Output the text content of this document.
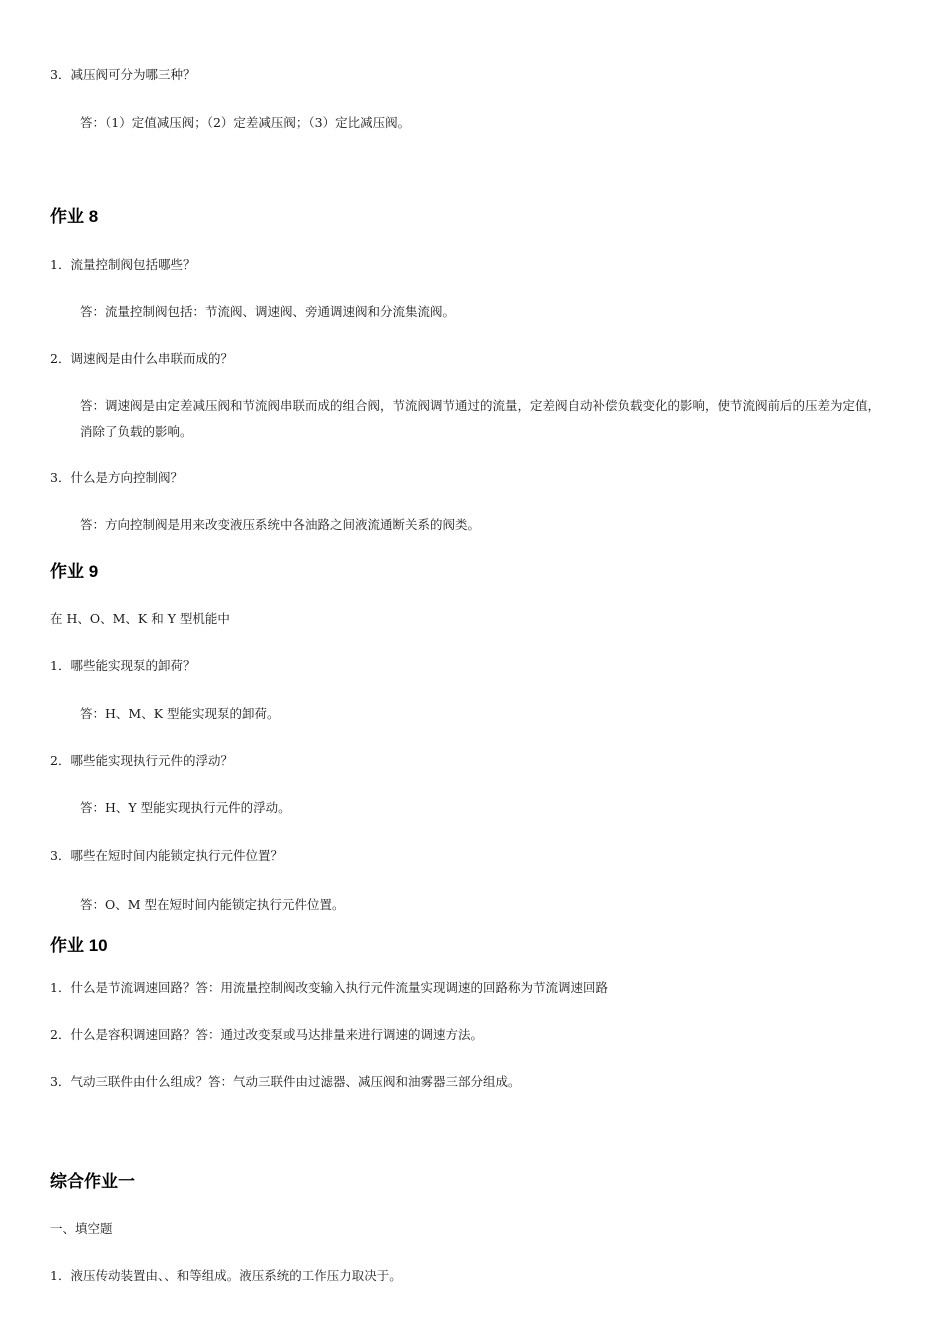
3．减压阀可分为哪三种？
答：（1）定值减压阀；（2）定差减压阀；（3）定比减压阀。
作业 8
1．流量控制阀包括哪些？
答：流量控制阀包括：节流阀、调速阀、旁通调速阀和分流集流阀。
2．调速阀是由什么串联而成的？
答：调速阀是由定差减压阀和节流阀串联而成的组合阀，节流阀调节通过的流量，定差阀自动补偿负载变化的影响，使节流阀前后的压差为定值，消除了负载的影响。
3．什么是方向控制阀？
答：方向控制阀是用来改变液压系统中各油路之间液流通断关系的阀类。
作业 9
在 H、O、M、K 和 Y 型机能中
1．哪些能实现泵的卸荷？
答：H、M、K 型能实现泵的卸荷。
2．哪些能实现执行元件的浮动？
答：H、Y 型能实现执行元件的浮动。
3．哪些在短时间内能锁定执行元件位置？
答：O、M 型在短时间内能锁定执行元件位置。
作业 10
1．什么是节流调速回路？答：用流量控制阀改变输入执行元件流量实现调速的回路称为节流调速回路
2．什么是容积调速回路？答：通过改变泵或马达排量来进行调速的调速方法。
3．气动三联件由什么组成？答：气动三联件由过滤器、减压阀和油雾器三部分组成。
综合作业一
一、填空题
1．液压传动装置由、、和等组成。液压系统的工作压力取决于。
